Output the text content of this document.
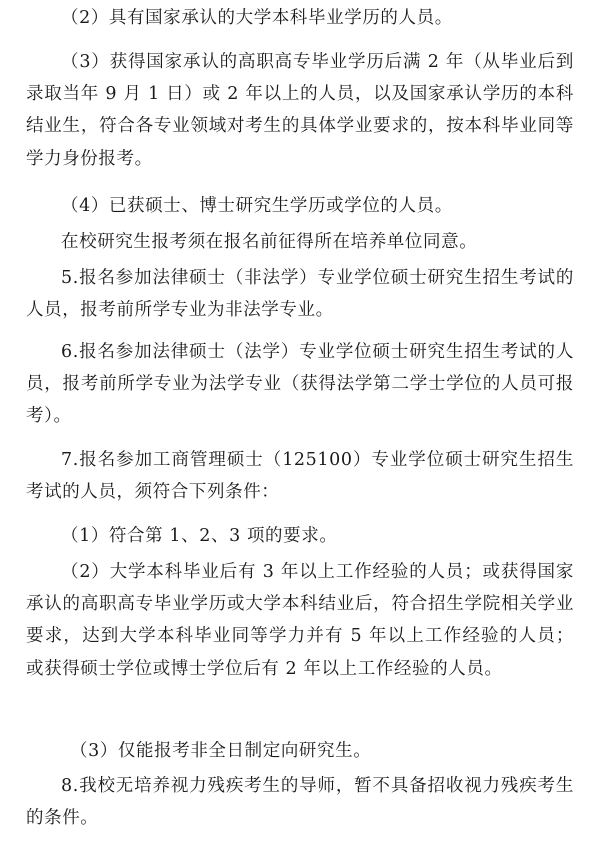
（2）具有国家承认的大学本科毕业学历的人员。

（3）获得国家承认的高职高专毕业学历后满 2 年（从毕业后到录取当年 9 月 1 日）或 2 年以上的人员，以及国家承认学历的本科结业生，符合各专业领域对考生的具体学业要求的，按本科毕业同等学力身份报考。

（4）已获硕士、博士研究生学历或学位的人员。

在校研究生报考须在报名前征得所在培养单位同意。

5.报名参加法律硕士（非法学）专业学位硕士研究生招生考试的人员，报考前所学专业为非法学专业。

6.报名参加法律硕士（法学）专业学位硕士研究生招生考试的人员，报考前所学专业为法学专业（获得法学第二学士学位的人员可报考）。

7.报名参加工商管理硕士（125100）专业学位硕士研究生招生考试的人员，须符合下列条件：

（1）符合第 1、2、3 项的要求。

（2）大学本科毕业后有 3 年以上工作经验的人员；或获得国家承认的高职高专毕业学历或大学本科结业后，符合招生学院相关学业要求，达到大学本科毕业同等学力并有 5 年以上工作经验的人员；或获得硕士学位或博士学位后有 2 年以上工作经验的人员。

（3）仅能报考非全日制定向研究生。

8.我校无培养视力残疾考生的导师，暂不具备招收视力残疾考生的条件。
